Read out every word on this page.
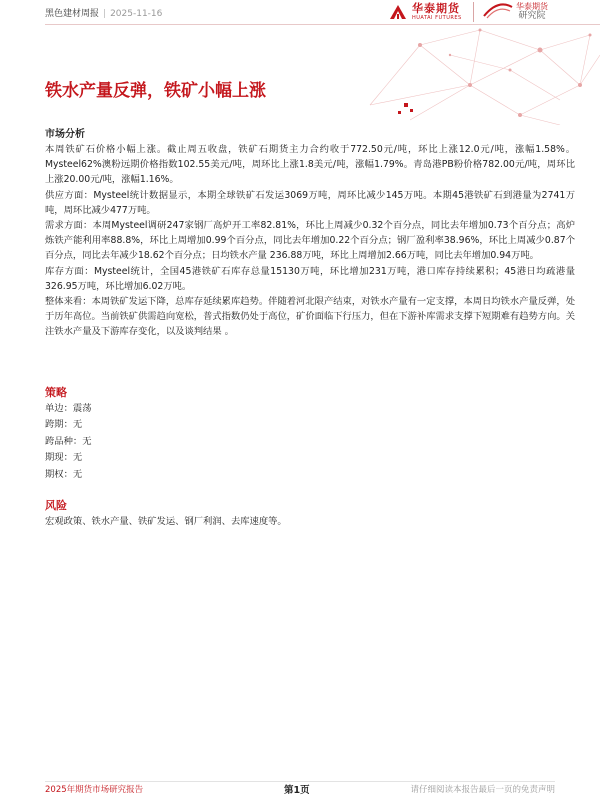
黑色建材周报 | 2025-11-16	华泰期货
HUATAI FUTURES
华泰期货
研究院
铁水产量反弹，铁矿小幅上涨
市场分析

本周铁矿石价格小幅上涨。截止周五收盘，铁矿石期货主力合约收于772.50元/吨，环比上涨12.0元/吨，涨幅1.58%。Mysteel62%澳粉远期价格指数102.55美元/吨，周环比上涨1.8美元/吨，涨幅1.79%。青岛港PB粉价格782.00元/吨，周环比上涨20.00元/吨，涨幅1.16%。

供应方面：Mysteel统计数据显示，本期全球铁矿石发运3069万吨，周环比减少145万吨。本期45港铁矿石到港量为2741万吨，周环比减少477万吨。

需求方面：本周Mysteel调研247家钢厂高炉开工率82.81%，环比上周减少0.32个百分点，同比去年增加0.73个百分点；高炉炼铁产能利用率88.8%，环比上周增加0.99个百分点，同比去年增加0.22个百分点；钢厂盈利率38.96%，环比上周减少0.87个百分点，同比去年减少18.62个百分点；日均铁水产量 236.88万吨，环比上周增加2.66万吨，同比去年增加0.94万吨。

库存方面：Mysteel统计，全国45港铁矿石库存总量15130万吨，环比增加231万吨，港口库存持续累积；45港日均疏港量326.95万吨，环比增加6.02万吨。

整体来看：本周铁矿发运下降，总库存延续累库趋势。伴随着河北限产结束，对铁水产量有一定支撑，本周日均铁水产量反弹，处于历年高位。当前铁矿供需趋向宽松，普式指数仍处于高位，矿价面临下行压力，但在下游补库需求支撑下短期难有趋势方向。关注铁水产量及下游库存变化，以及谈判结果 。

策略
单边：震荡
跨期：无
跨品种：无
期现：无
期权：无
风险
宏观政策、铁水产量、铁矿发运、钢厂利润、去库速度等。
2025年期货市场研究报告	第1页	请仔细阅读本报告最后一页的免责声明
